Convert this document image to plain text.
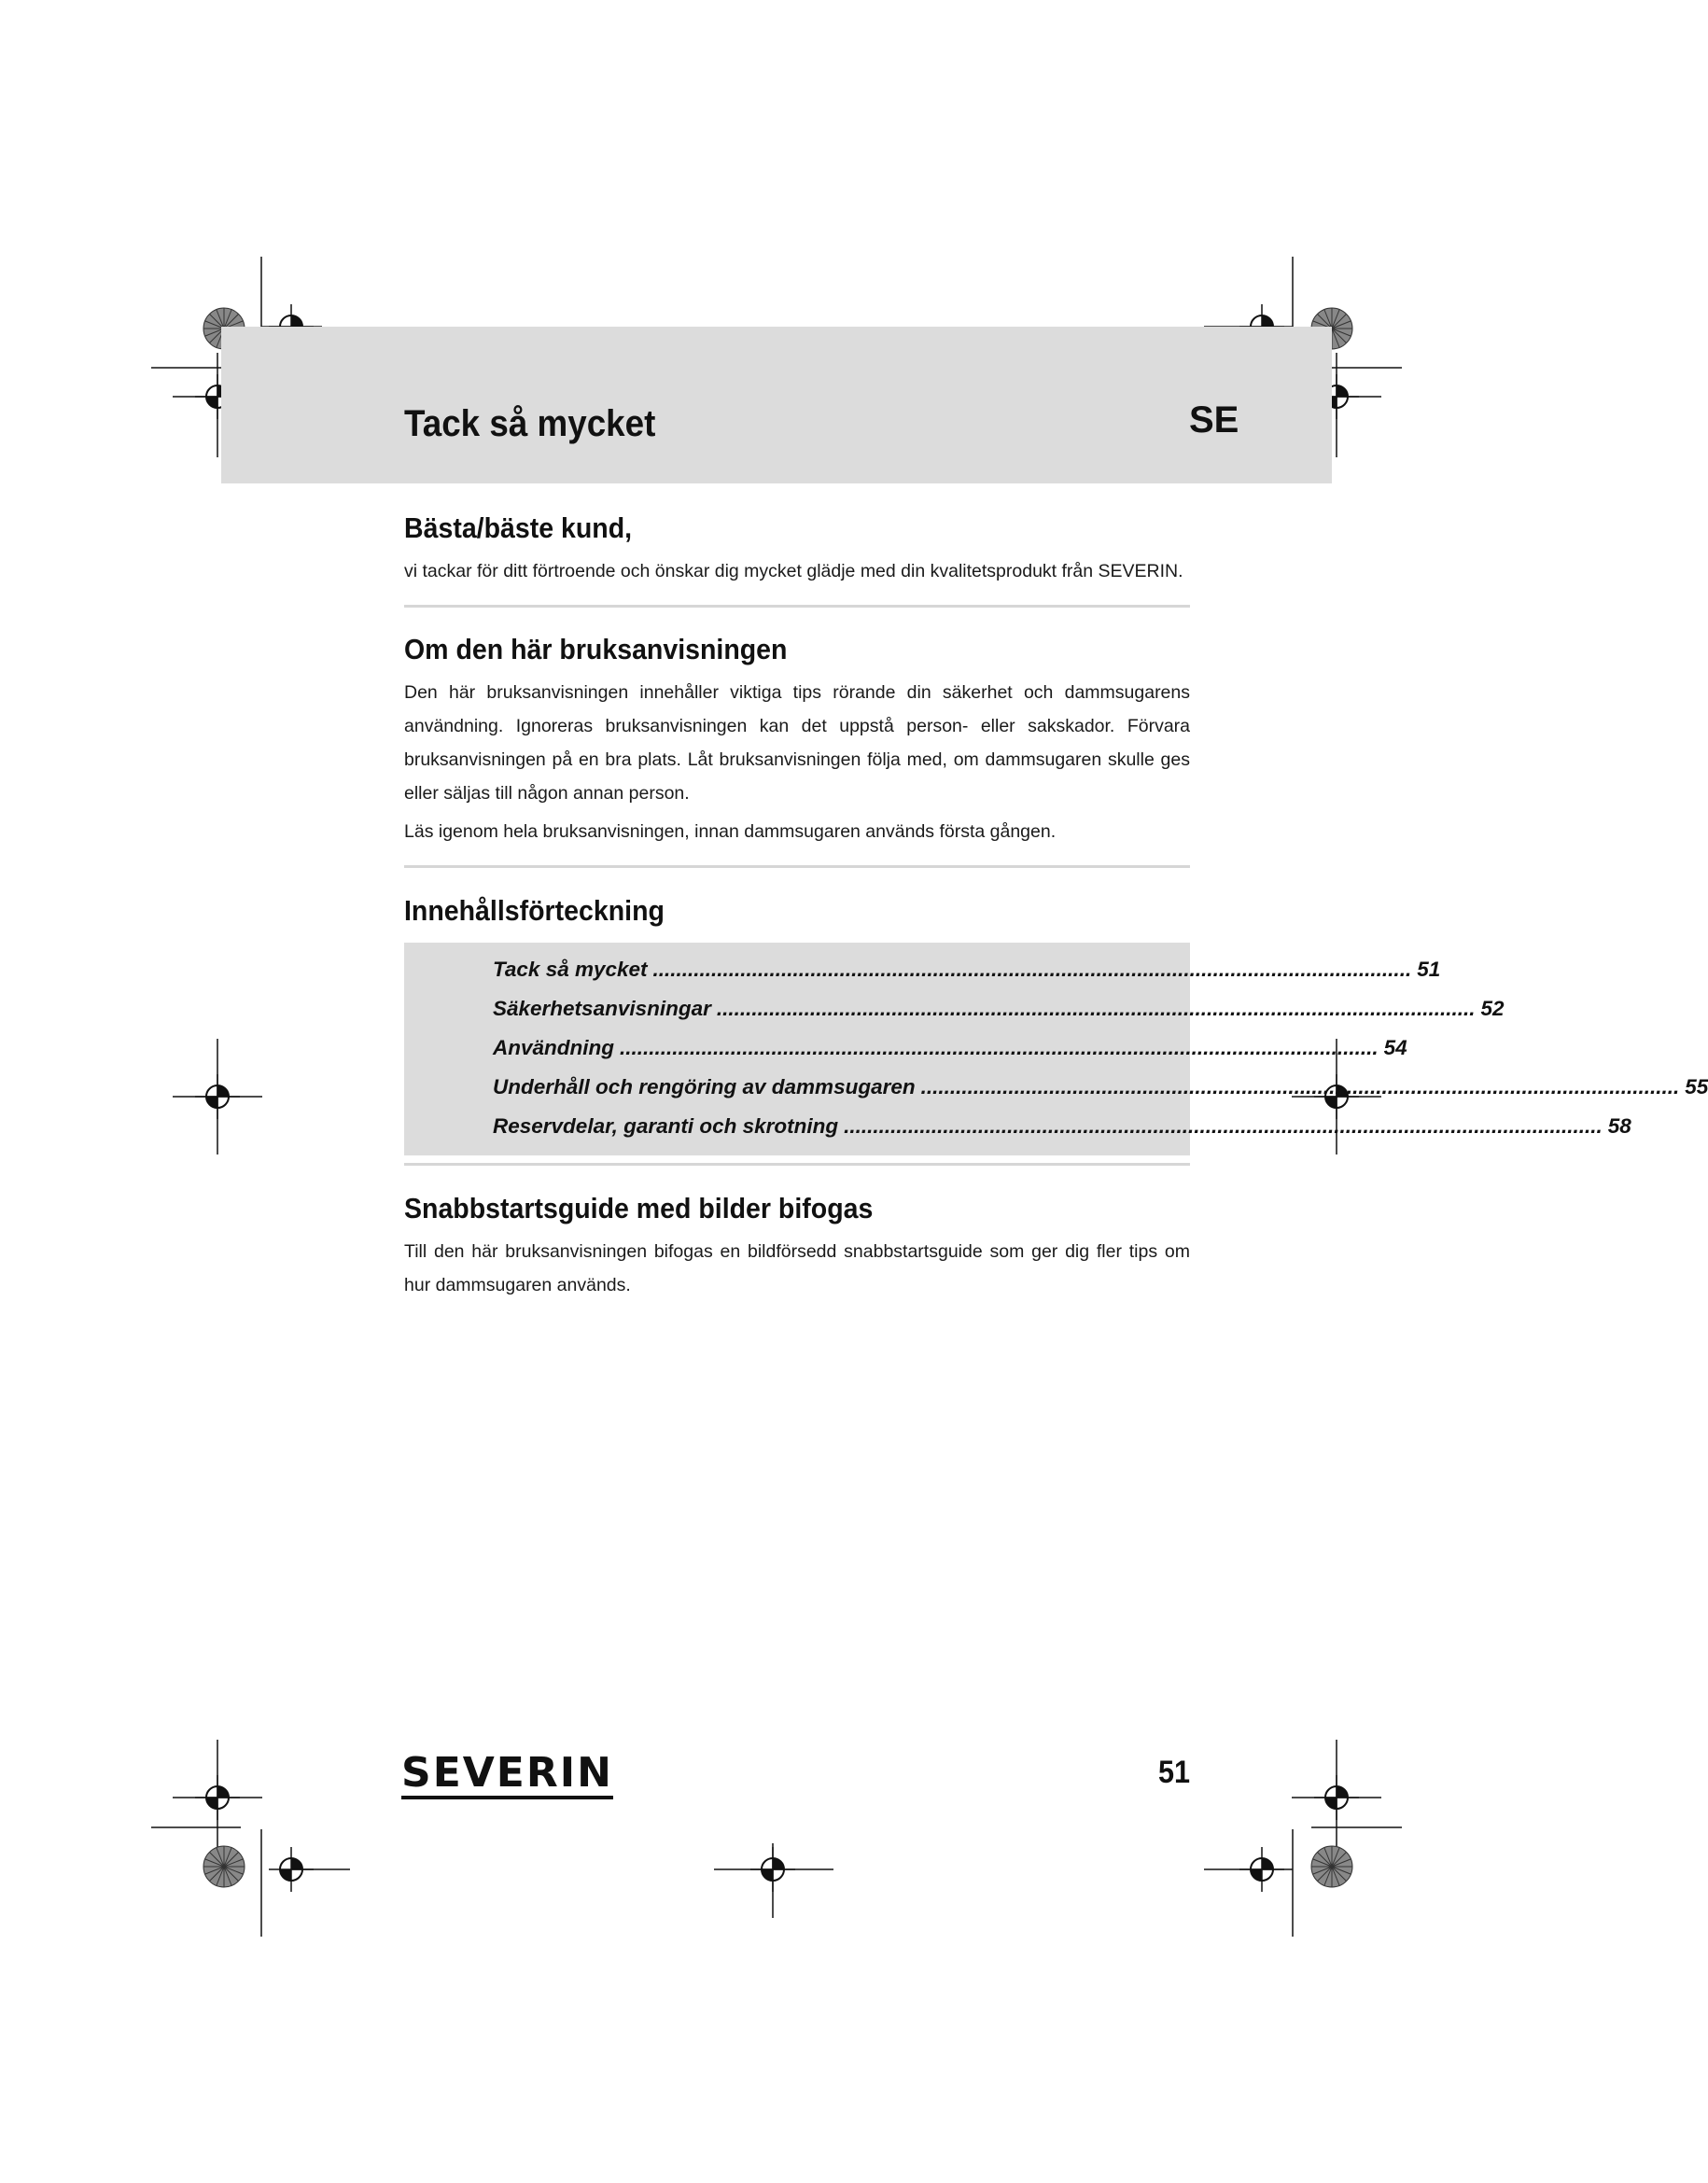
Tack så mycket	SE
Bästa/bäste kund,

vi tackar för ditt förtroende och önskar dig mycket glädje med din kvalitetsprodukt från SEVERIN.

Om den här bruksanvisningen

Den här bruksanvisningen innehåller viktiga tips rörande din säkerhet och dammsugarens användning. Ignoreras bruksanvisningen kan det uppstå person- eller sakskador. Förvara bruksanvisningen på en bra plats. Låt bruksanvisningen följa med, om dammsugaren skulle ges eller säljas till någon annan person.

Läs igenom hela bruksanvisningen, innan dammsugaren används första gången.

Innehållsförteckning
Tack så mycket .................................................................................................................................. 51
Säkerhetsanvisningar .................................................................................................................................. 52
Användning .................................................................................................................................. 54
Underhåll och rengöring av dammsugaren .................................................................................................................................. 55
Reservdelar, garanti och skrotning .................................................................................................................................. 58
Snabbstartsguide med bilder bifogas

Till den här bruksanvisningen bifogas en bildförsedd snabbstartsguide som ger dig fler tips om hur dammsugaren används.

SEVERIN	51
